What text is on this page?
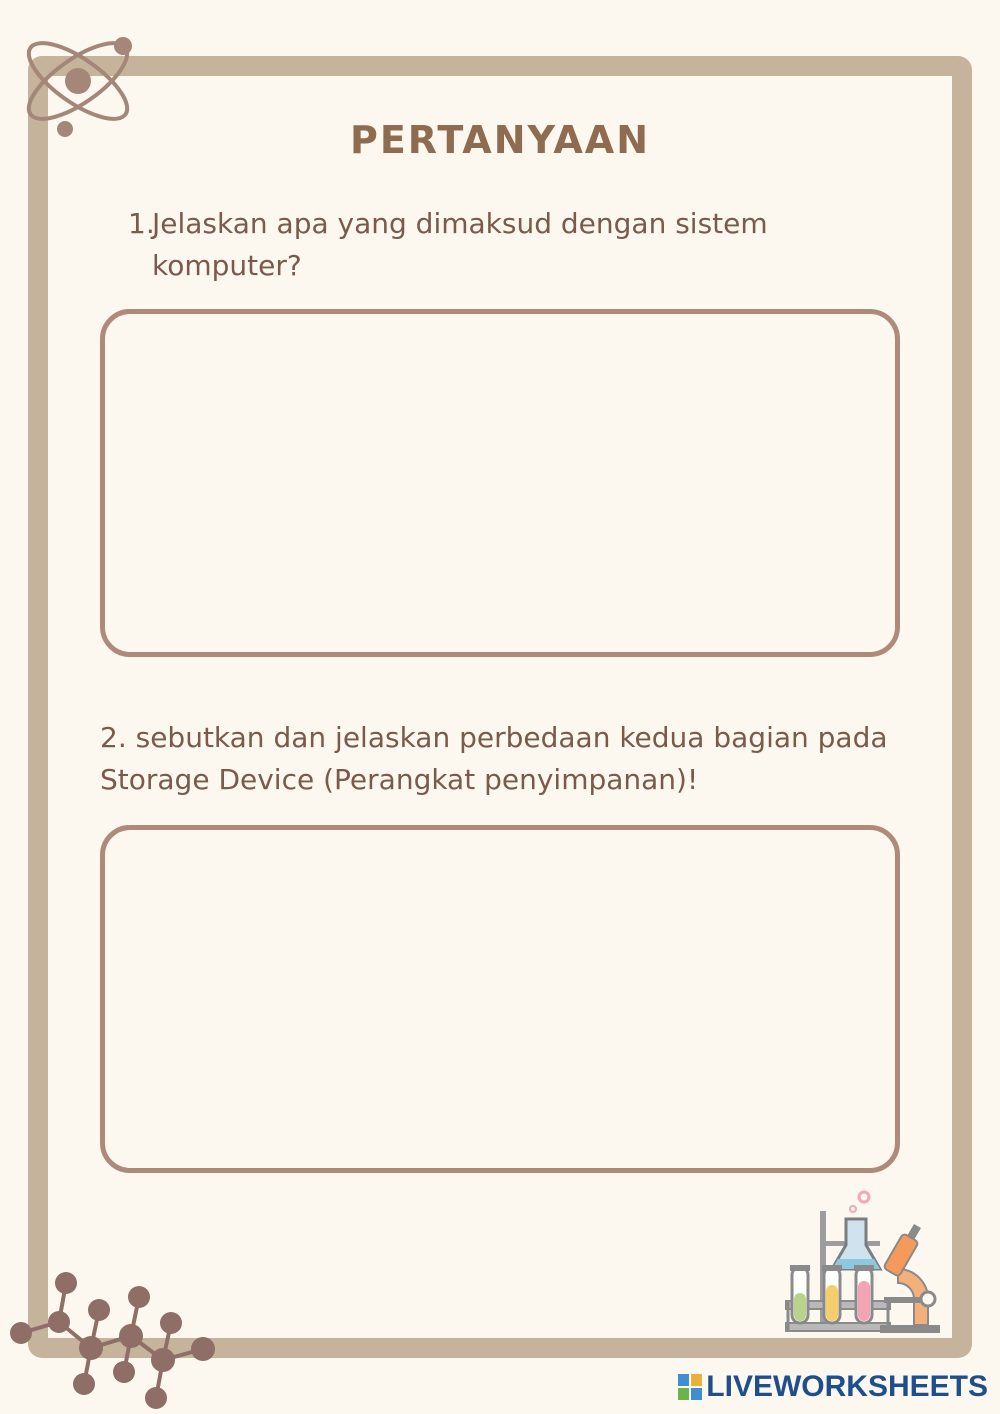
PERTANYAAN

1.
Jelaskan apa yang dimaksud dengan sistem komputer?

2. sebutkan dan jelaskan perbedaan kedua bagian pada Storage Device (Perangkat penyimpanan)!

LIVEWORKSHEETS
